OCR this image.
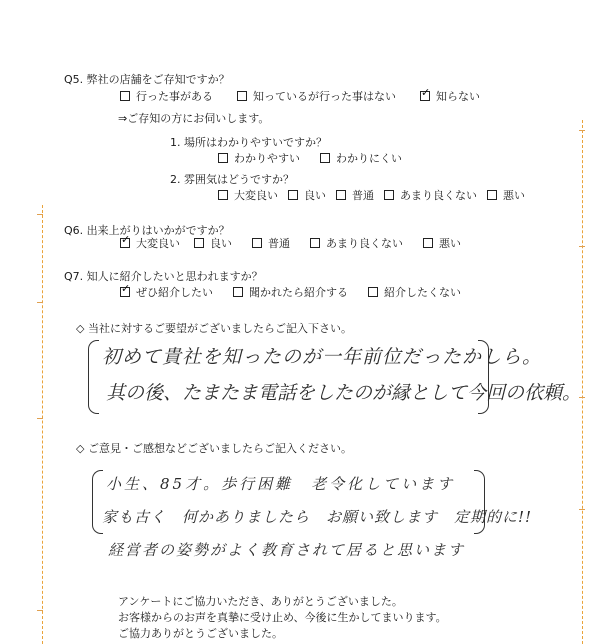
Q5. 弊社の店舗をご存知ですか？
行った事がある	知っているが行った事はない✓	知らない
⇒ご存知の方にお伺いします。
1. 場所はわかりやすいですか？
わかりやすい	わかりにくい
2. 雰囲気はどうですか？
大変良い 良い 普通 あまり良くない 悪い
Q6. 出来上がりはいかがですか？
✓大変良い	良い	普通	あまり良くない	悪い
Q7. 知人に紹介したいと思われますか？
✓ぜひ紹介したい	聞かれたら紹介する	紹介したくない
◇ 当社に対するご要望がございましたらご記入下さい。
初めて貴社を知ったのが一年前位だったかしら。
其の後、たまたま電話をしたのが縁として今回の依頼。
◇ ご意見・ご感想などございましたらご記入ください。
小生、85才。歩行困難　老令化しています
家も古く　何かありましたら　お願い致します　定期的に!!
経営者の姿勢がよく教育されて居ると思います
アンケートにご協力いただき、ありがとうございました。
お客様からのお声を真摯に受け止め、今後に生かしてまいります。
ご協力ありがとうございました。
